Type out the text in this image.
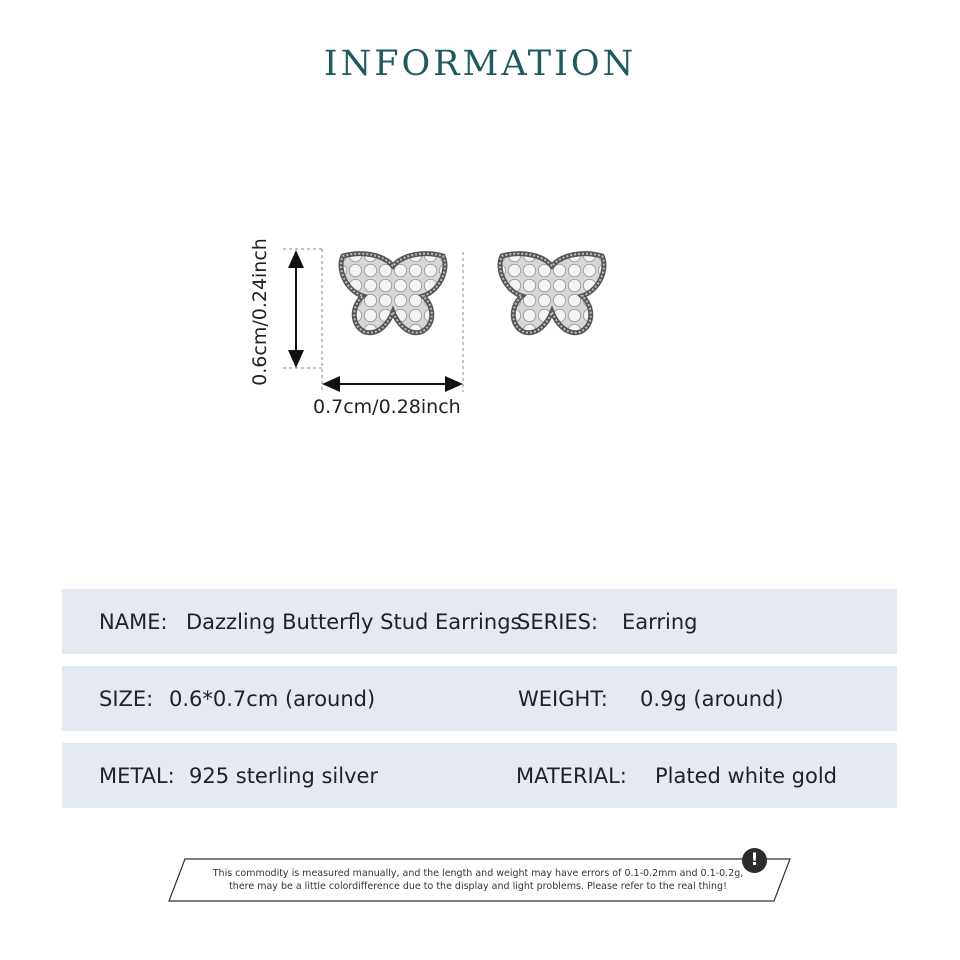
INFORMATION
0.6cm/0.24inch
0.7cm/0.28inch
NAME: Dazzling Butterfly Stud Earrings
SERIES: Earring
SIZE: 0.6*0.7cm (around)	WEIGHT: 0.9g (around)
METAL: 925 sterling silver	MATERIAL: Plated white gold
This commodity is measured manually, and the length and weight may have errors of 0.1-0.2mm and 0.1-0.2g,
there may be a little colordifference due to the display and light problems. Please refer to the real thing!
!
